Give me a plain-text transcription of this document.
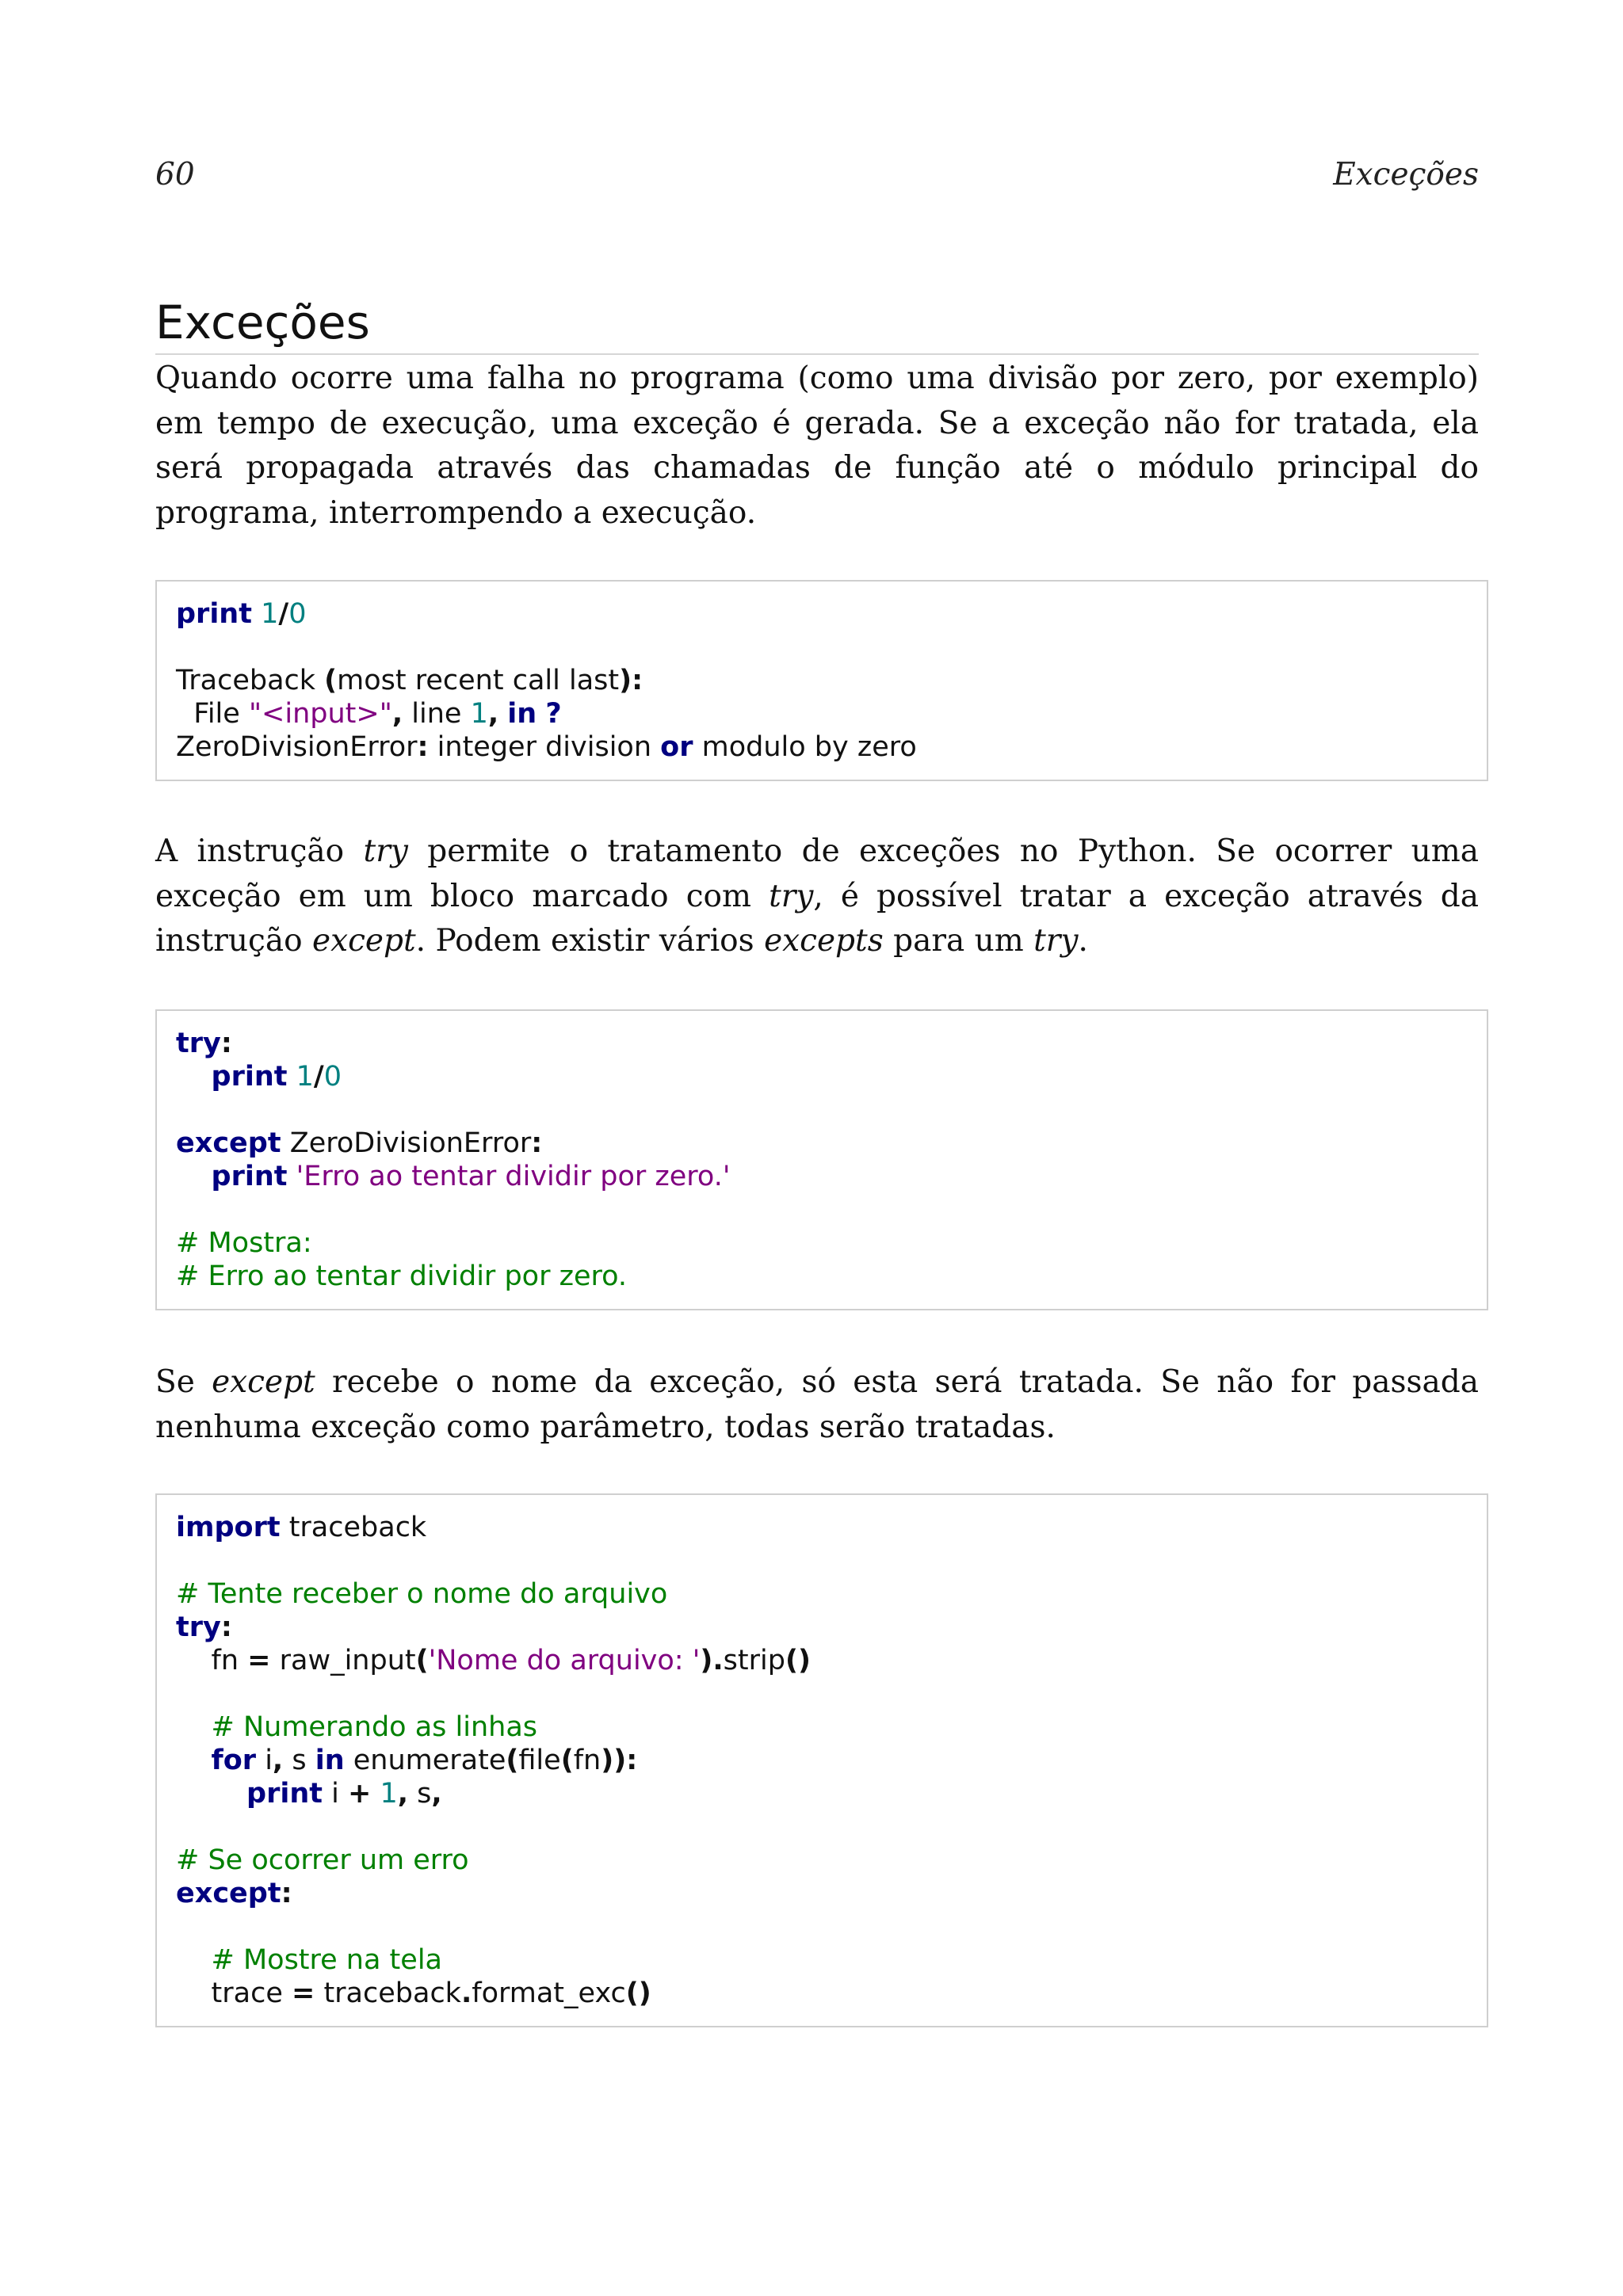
60	Exceções
Exceções

Quando ocorre uma falha no programa (como uma divisão por zero, por exemplo) em tempo de execução, uma exceção é gerada. Se a exceção não for tratada, ela será propagada através das chamadas de função até o módulo principal do programa, interrompendo a execução.

print 1/0
Traceback (most recent call last):
File "<input>", line 1, in ?
ZeroDivisionError: integer division or modulo by zero

A instrução try permite o tratamento de exceções no Python. Se ocorrer uma exceção em um bloco marcado com try, é possível tratar a exceção através da instrução except. Podem existir vários excepts para um try.

try:
print 1/0
except ZeroDivisionError:
print 'Erro ao tentar dividir por zero.'
# Mostra:
# Erro ao tentar dividir por zero.

Se except recebe o nome da exceção, só esta será tratada. Se não for passada nenhuma exceção como parâmetro, todas serão tratadas.

import traceback
# Tente receber o nome do arquivo
try:
fn = raw_input('Nome do arquivo: ').strip()
# Numerando as linhas
for i, s in enumerate(file(fn)):
print i + 1, s,
# Se ocorrer um erro
except:
# Mostre na tela
trace = traceback.format_exc()
